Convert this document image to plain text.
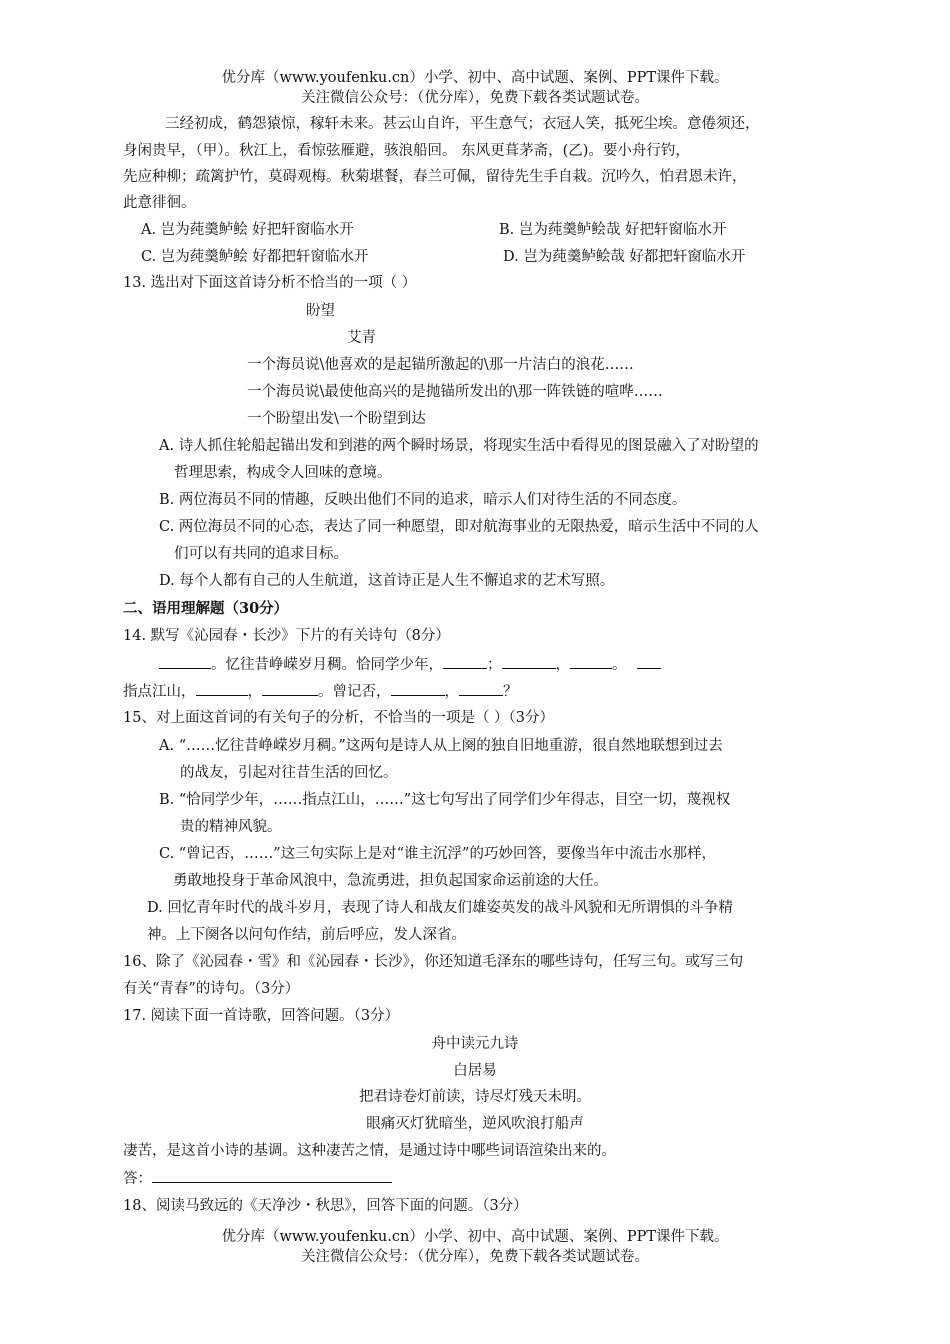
优分库（www.youfenku.cn）小学、初中、高中试题、案例、PPT课件下载。
关注微信公众号：（优分库），免费下载各类试题试卷。
三经初成，鹤怨猿惊，稼轩未来。甚云山自许，平生意气；衣冠人笑，抵死尘埃。意倦须还，
身闲贵早，（甲）。秋江上，看惊弦雁避，骇浪船回。 东风更葺茅斋，(乙)。要小舟行钓，
先应种柳；疏篱护竹，莫碍观梅。秋菊堪餐，春兰可佩，留待先生手自栽。沉吟久，怕君恩未许，
此意徘徊。
A. 岂为莼羹鲈鲙 好把轩窗临水开	B. 岂为莼羹鲈鲙哉 好把轩窗临水开
C. 岂为莼羹鲈鲙 好都把轩窗临水开	D. 岂为莼羹鲈鲙哉 好都把轩窗临水开
13. 选出对下面这首诗分析不恰当的一项（ ）
盼望
艾青
一个海员说\他喜欢的是起锚所激起的\那一片洁白的浪花……
一个海员说\最使他高兴的是抛锚所发出的\那一阵铁链的喧哗……
一个盼望出发\一个盼望到达
A. 诗人抓住轮船起锚出发和到港的两个瞬时场景，将现实生活中看得见的图景融入了对盼望的
哲理思索，构成令人回味的意境。
B. 两位海员不同的情趣，反映出他们不同的追求，暗示人们对待生活的不同态度。
C. 两位海员不同的心态，表达了同一种愿望，即对航海事业的无限热爱，暗示生活中不同的人
们可以有共同的追求目标。
D. 每个人都有自己的人生航道，这首诗正是人生不懈追求的艺术写照。
二、语用理解题（30分）
14. 默写《沁园春・长沙》下片的有关诗句（8分）
。忆往昔峥嵘岁月稠。恰同学少年，	；	，	。
指点江山，	，	。曾记否，	，	？
15、对上面这首词的有关句子的分析，不恰当的一项是（ ）（3分）
A. “……忆往昔峥嵘岁月稠。”这两句是诗人从上阕的独自旧地重游，很自然地联想到过去
的战友，引起对往昔生活的回忆。
B. “恰同学少年，……指点江山，……”这七句写出了同学们少年得志，目空一切，蔑视权
贵的精神风貌。
C. “曾记否，……”这三句实际上是对“谁主沉浮”的巧妙回答，要像当年中流击水那样，
勇敢地投身于革命风浪中，急流勇进，担负起国家命运前途的大任。
D. 回忆青年时代的战斗岁月，表现了诗人和战友们雄姿英发的战斗风貌和无所谓惧的斗争精
神。上下阕各以问句作结，前后呼应，发人深省。
16、除了《沁园春・雪》和《沁园春・长沙》，你还知道毛泽东的哪些诗句，任写三句。或写三句
有关“青春”的诗句。（3分）
17. 阅读下面一首诗歌，回答问题。（3分）
舟中读元九诗
白居易
把君诗卷灯前读，诗尽灯残天未明。
眼痛灭灯犹暗坐，逆风吹浪打船声
凄苦，是这首小诗的基调。这种凄苦之情，是通过诗中哪些词语渲染出来的。
答：
18、阅读马致远的《天净沙・秋思》，回答下面的问题。（3分）
优分库（www.youfenku.cn）小学、初中、高中试题、案例、PPT课件下载。
关注微信公众号：（优分库），免费下载各类试题试卷。
